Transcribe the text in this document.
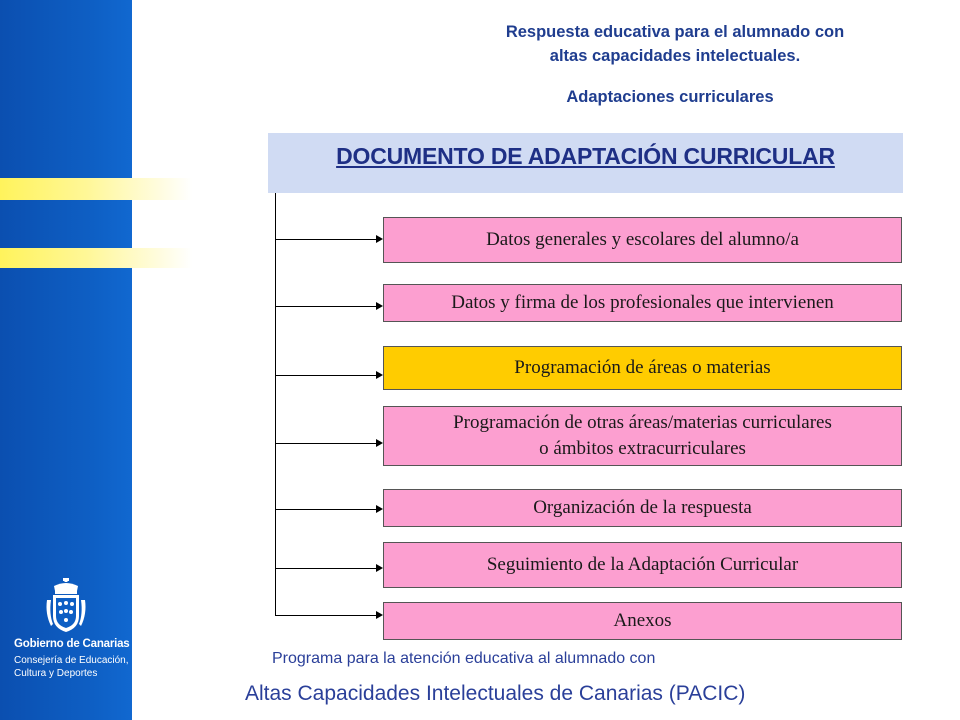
Gobierno de Canarias
Consejería de Educación,
Cultura y Deportes
Respuesta educativa para el alumnado con
altas capacidades intelectuales.
Adaptaciones curriculares
DOCUMENTO DE ADAPTACIÓN CURRICULAR
Datos generales y escolares del alumno/a
Datos y firma de los profesionales que intervienen
Programación de áreas o materias
Programación de otras áreas/materias curriculares
o ámbitos extracurriculares
Organización de la respuesta
Seguimiento de la Adaptación Curricular
Anexos
Programa para la atención educativa al alumnado con
Altas Capacidades Intelectuales de Canarias (PACIC)
